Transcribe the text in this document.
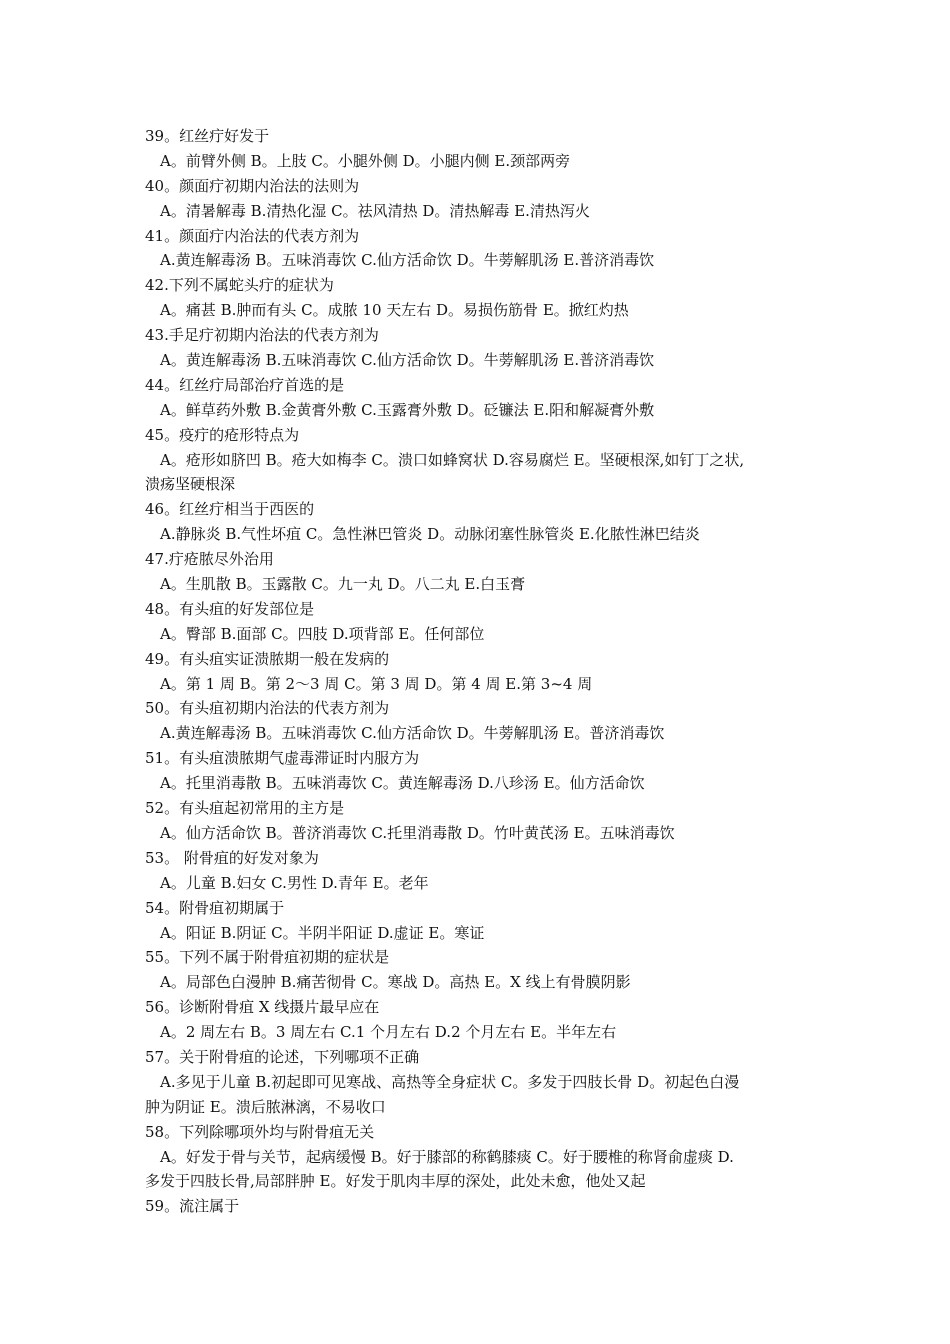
39。红丝疔好发于
A。前臂外侧 B。上肢 C。小腿外侧 D。小腿内侧 E.颈部两旁
40。颜面疔初期内治法的法则为
A。清暑解毒 B.清热化湿 C。祛风清热 D。清热解毒 E.清热泻火
41。颜面疔内治法的代表方剂为
A.黄连解毒汤 B。五味消毒饮 C.仙方活命饮 D。牛蒡解肌汤 E.普济消毒饮
42.下列不属蛇头疔的症状为
A。痛甚 B.肿而有头 C。成脓 10 天左右 D。易损伤筋骨 E。掀红灼热
43.手足疔初期内治法的代表方剂为
A。黄连解毒汤 B.五味消毒饮 C.仙方活命饮 D。牛蒡解肌汤 E.普济消毒饮
44。红丝疔局部治疗首选的是
A。鲜草药外敷 B.金黄膏外敷 C.玉露膏外敷 D。砭镰法 E.阳和解凝膏外敷
45。疫疔的疮形特点为
A。疮形如脐凹 B。疮大如梅李 C。溃口如蜂窝状 D.容易腐烂 E。坚硬根深,如钉丁之状,
溃疡坚硬根深
46。红丝疔相当于西医的
A.静脉炎 B.气性坏疽 C。急性淋巴管炎 D。动脉闭塞性脉管炎 E.化脓性淋巴结炎
47.疔疮脓尽外治用
A。生肌散 B。玉露散 C。九一丸 D。八二丸 E.白玉膏
48。有头疽的好发部位是
A。臀部 B.面部 C。四肢 D.项背部 E。任何部位
49。有头疽实证溃脓期一般在发病的
A。第 1 周 B。第 2～3 周 C。第 3 周 D。第 4 周 E.第 3~4 周
50。有头疽初期内治法的代表方剂为
A.黄连解毒汤 B。五味消毒饮 C.仙方活命饮 D。牛蒡解肌汤 E。普济消毒饮
51。有头疽溃脓期气虚毒滞证时内服方为
A。托里消毒散 B。五味消毒饮 C。黄连解毒汤 D.八珍汤 E。仙方活命饮
52。有头疽起初常用的主方是
A。仙方活命饮 B。普济消毒饮 C.托里消毒散 D。竹叶黄芪汤 E。五味消毒饮
53。 附骨疽的好发对象为
A。儿童 B.妇女 C.男性 D.青年 E。老年
54。附骨疽初期属于
A。阳证 B.阴证 C。半阴半阳证 D.虚证 E。寒证
55。下列不属于附骨疽初期的症状是
A。局部色白漫肿 B.痛苦彻骨 C。寒战 D。高热 E。X 线上有骨膜阴影
56。诊断附骨疽 X 线摄片最早应在
A。2 周左右 B。3 周左右 C.1 个月左右 D.2 个月左右 E。半年左右
57。关于附骨疽的论述，下列哪项不正确
A.多见于儿童 B.初起即可见寒战、高热等全身症状 C。多发于四肢长骨 D。初起色白漫
肿为阴证 E。溃后脓淋漓，不易收口
58。下列除哪项外均与附骨疽无关
A。好发于骨与关节，起病缓慢 B。好于膝部的称鹤膝痰 C。好于腰椎的称肾俞虚痰 D.
多发于四肢长骨,局部胖肿 E。好发于肌肉丰厚的深处，此处未愈，他处又起
59。流注属于
